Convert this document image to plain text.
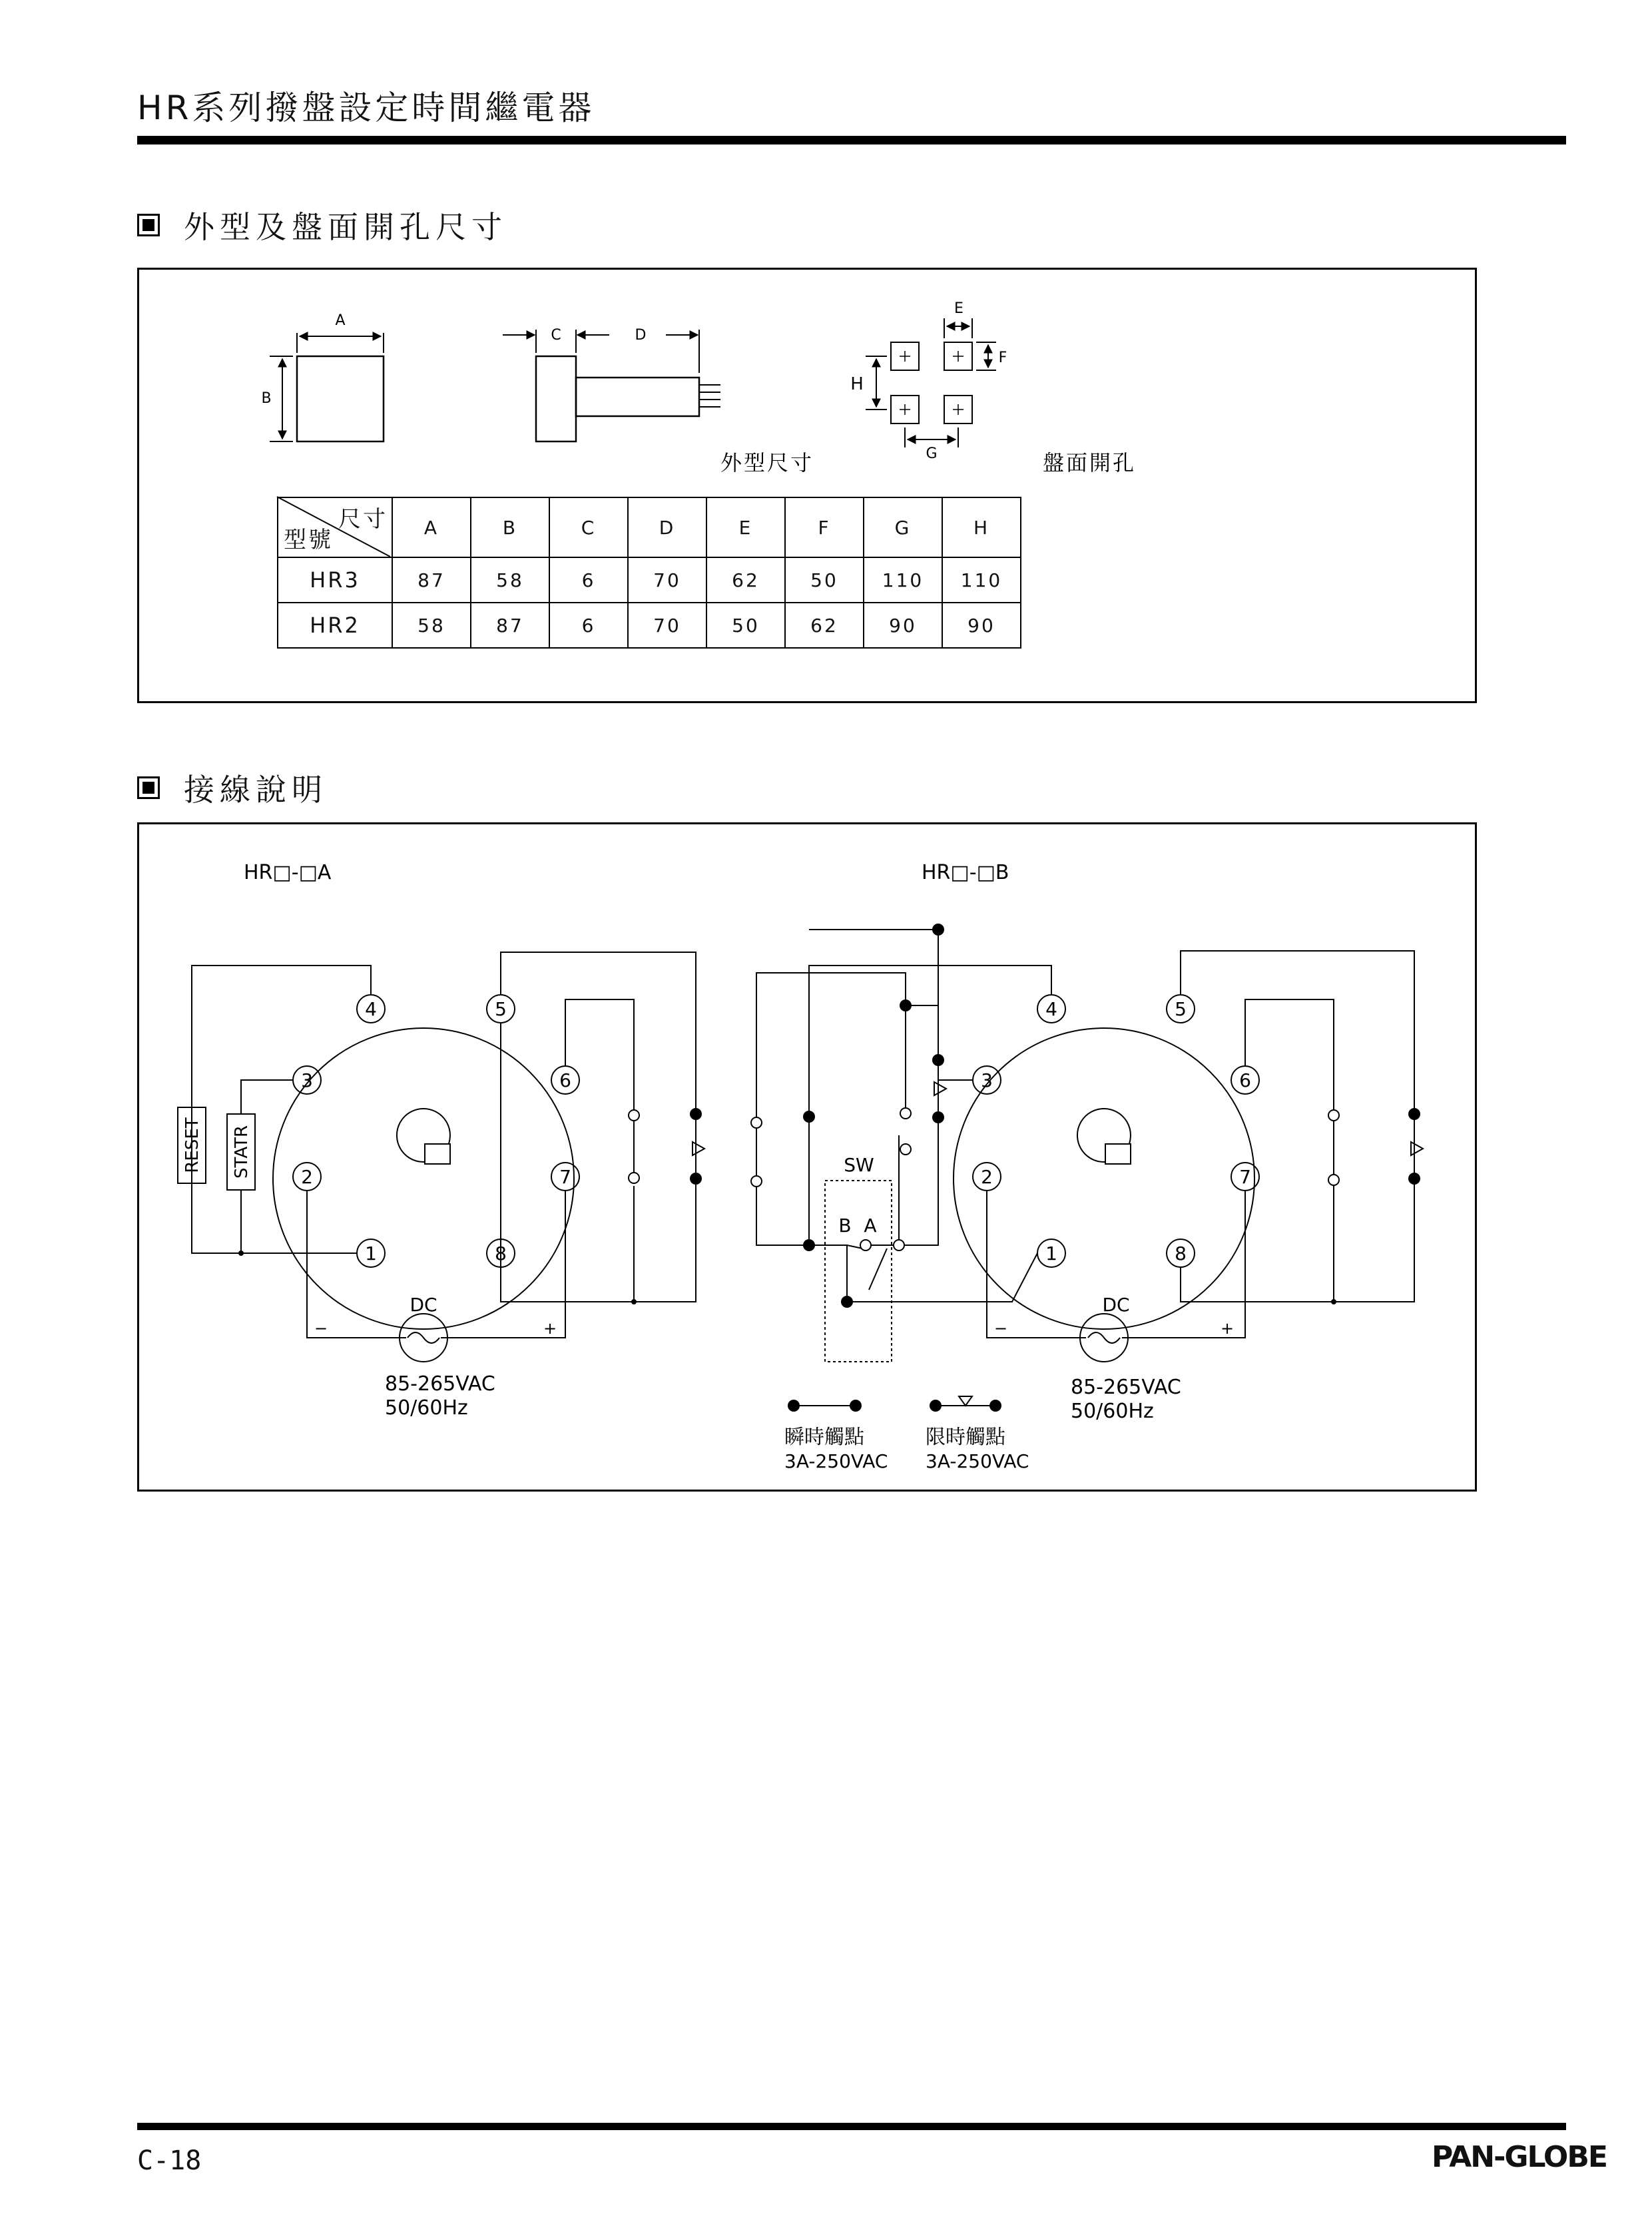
HR系列撥盤設定時間繼電器
外型及盤面開孔尺寸
A
B
C	D
E
F
H
G
外型尺寸	盤面開孔
尺寸
型號	A	B	C	D	E	F	G	H
HR3	87	58	6	70	62	50	110	110
HR2	58	87	6	70	50	62	90	90
接線說明
HR□-□A
1
2
3
4	5
6
7
8
RESET STATR
DC
−	+
85-265VAC
50/60Hz
HR□-□B
1
2
3
4	5
6
7
8
SW
B A
DC
−	+
85-265VAC
50/60Hz
瞬時觸點
3A-250VAC
限時觸點
3A-250VAC
C-18	PAN-GLOBE
